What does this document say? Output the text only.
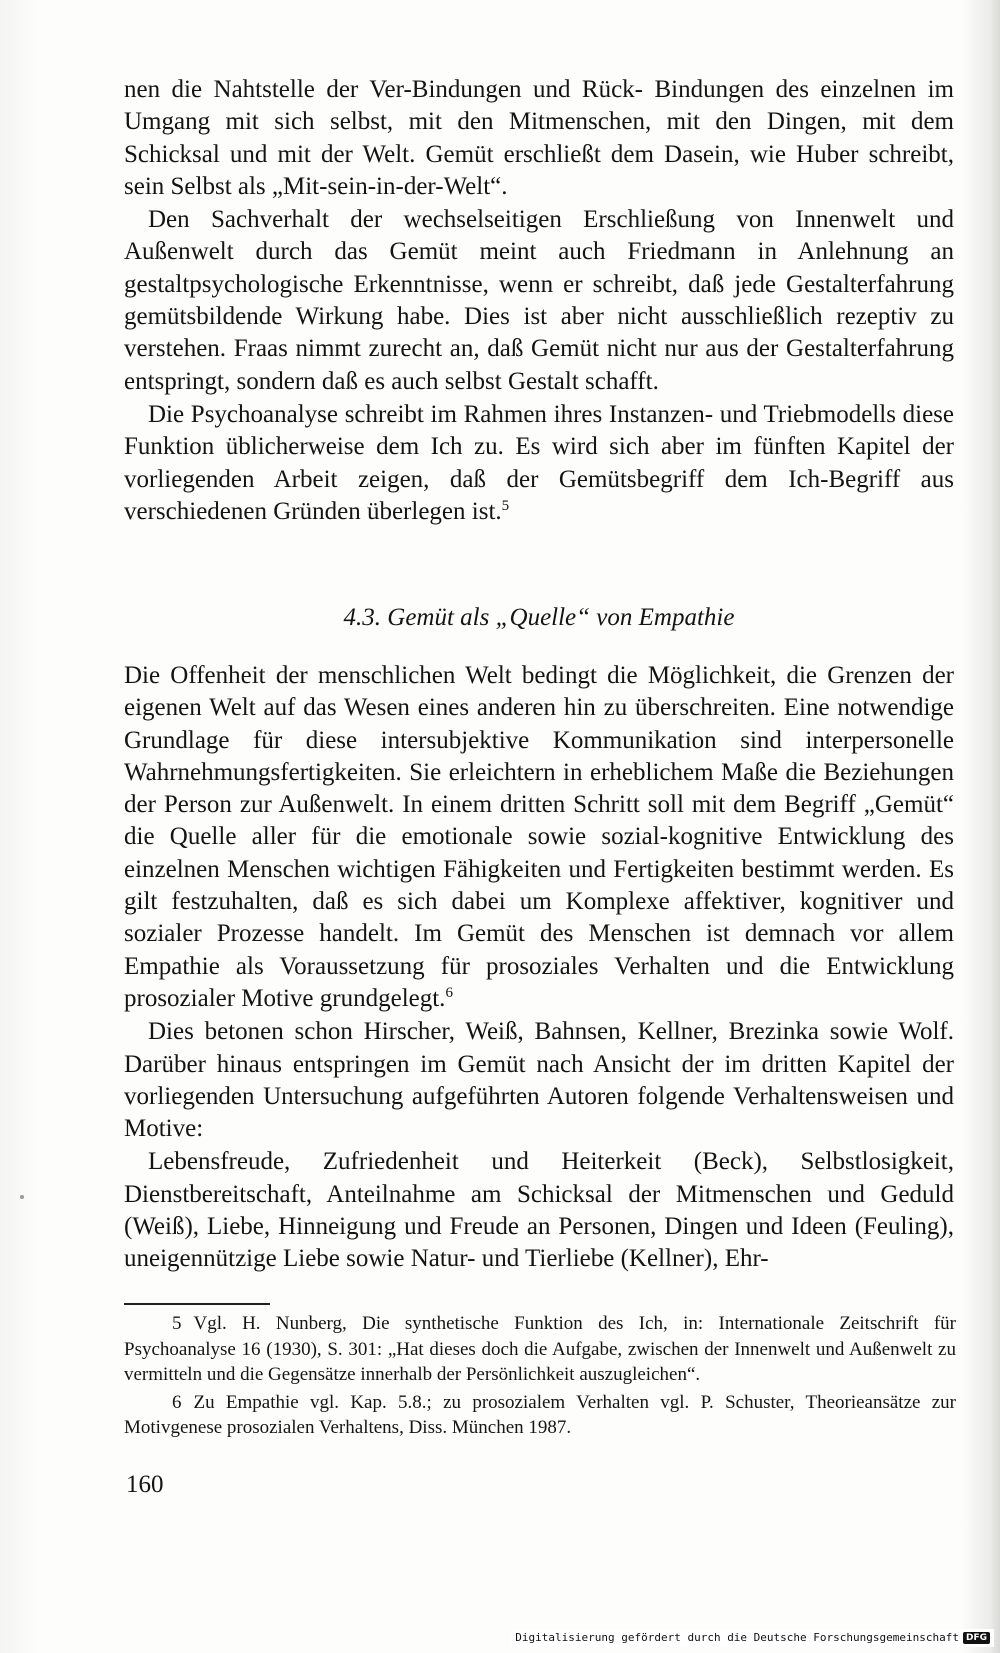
nen die Nahtstelle der Ver-Bindungen und Rück- Bindungen des einzelnen im Umgang mit sich selbst, mit den Mitmenschen, mit den Dingen, mit dem Schicksal und mit der Welt. Gemüt erschließt dem Dasein, wie Huber schreibt, sein Selbst als „Mit-sein-in-der-Welt“.

Den Sachverhalt der wechselseitigen Erschließung von Innenwelt und Außenwelt durch das Gemüt meint auch Friedmann in Anlehnung an gestaltpsychologische Erkenntnisse, wenn er schreibt, daß jede Gestalterfahrung gemütsbildende Wirkung habe. Dies ist aber nicht ausschließlich rezeptiv zu verstehen. Fraas nimmt zurecht an, daß Gemüt nicht nur aus der Gestalterfahrung entspringt, sondern daß es auch selbst Gestalt schafft.

Die Psychoanalyse schreibt im Rahmen ihres Instanzen- und Triebmodells diese Funktion üblicherweise dem Ich zu. Es wird sich aber im fünften Kapitel der vorliegenden Arbeit zeigen, daß der Gemütsbegriff dem Ich-Begriff aus verschiedenen Gründen überlegen ist.$^5$

4.3. Gemüt als „Quelle“ von Empathie

Die Offenheit der menschlichen Welt bedingt die Möglichkeit, die Grenzen der eigenen Welt auf das Wesen eines anderen hin zu überschreiten. Eine notwendige Grundlage für diese intersubjektive Kommunikation sind interpersonelle Wahrnehmungsfertigkeiten. Sie erleichtern in erheblichem Maße die Beziehungen der Person zur Außenwelt. In einem dritten Schritt soll mit dem Begriff „Gemüt“ die Quelle aller für die emotionale sowie sozial-kognitive Entwicklung des einzelnen Menschen wichtigen Fähigkeiten und Fertigkeiten bestimmt werden. Es gilt festzuhalten, daß es sich dabei um Komplexe affektiver, kognitiver und sozialer Prozesse handelt. Im Gemüt des Menschen ist demnach vor allem Empathie als Voraussetzung für prosoziales Verhalten und die Entwicklung prosozialer Motive grundgelegt.$^6$

Dies betonen schon Hirscher, Weiß, Bahnsen, Kellner, Brezinka sowie Wolf. Darüber hinaus entspringen im Gemüt nach Ansicht der im dritten Kapitel der vorliegenden Untersuchung aufgeführten Autoren folgende Verhaltensweisen und Motive:

Lebensfreude, Zufriedenheit und Heiterkeit (Beck), Selbstlosigkeit, Dienstbereitschaft, Anteilnahme am Schicksal der Mitmenschen und Geduld (Weiß), Liebe, Hinneigung und Freude an Personen, Dingen und Ideen (Feuling), uneigennützige Liebe sowie Natur- und Tierliebe (Kellner), Ehr-

5 Vgl. H. Nunberg, Die synthetische Funktion des Ich, in: Internationale Zeitschrift für Psychoanalyse 16 (1930), S. 301: „Hat dieses doch die Aufgabe, zwischen der Innenwelt und Außenwelt zu vermitteln und die Gegensätze innerhalb der Persönlichkeit auszugleichen“.

6 Zu Empathie vgl. Kap. 5.8.; zu prosozialem Verhalten vgl. P. Schuster, Theorieansätze zur Motivgenese prosozialen Verhaltens, Diss. München 1987.

160
Digitalisierung gefördert durch die Deutsche Forschungsgemeinschaft DFG
